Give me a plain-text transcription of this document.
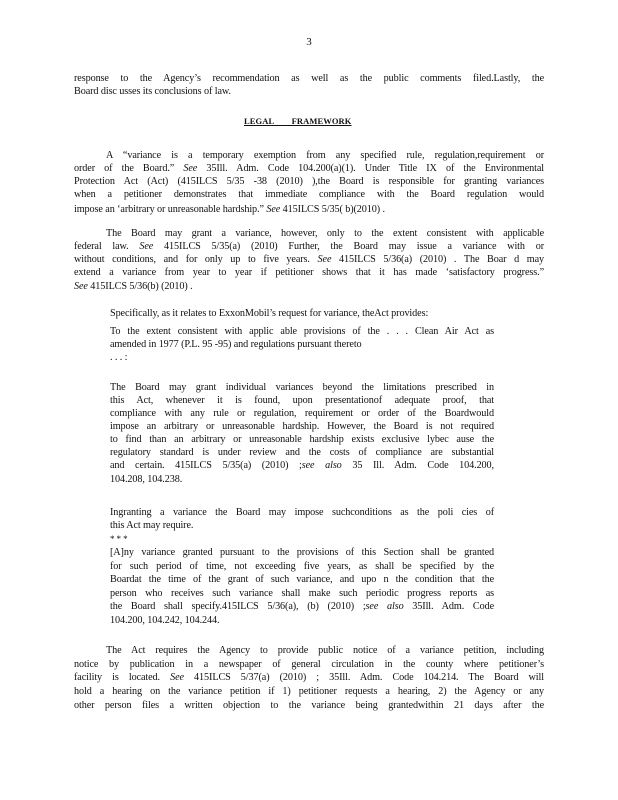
3
response to the Agency’s recommendation as well as the public comments filed.Lastly, the
Board disc usses its conclusions of law.
LEGAL        FRAMEWORK
A “variance is a temporary exemption from any specified rule, regulation,requirement or
order of the Board.” See 35Ill. Adm. Code 104.200(a)(1). Under Title IX of the Environmental
Protection Act (Act) (415ILCS 5/35 -38 (2010) ),the Board is responsible for granting variances
when a petitioner demonstrates that immediate compliance with the Board regulation would
impose an ‘arbitrary or unreasonable hardship.” See 415ILCS 5/35( b)(2010) .
The Board may grant a variance, however, only to the extent consistent with applicable
federal law. See 415ILCS 5/35(a) (2010) Further, the Board may issue a variance with or
without conditions, and for only up to five years. See 415ILCS 5/36(a) (2010) . The Boar d may
extend a variance from year to year if petitioner shows that it has made ‘satisfactory progress.”
See 415ILCS 5/36(b) (2010) .
Specifically, as it relates to ExxonMobil’s request for variance, theAct provides:
To the extent consistent with applic able provisions of the . . . Clean Air Act as
amended in 1977 (P.L. 95 -95) and regulations pursuant thereto
. . . :
The Board may grant individual variances beyond the limitations prescribed in
this Act, whenever it is found, upon presentationof adequate proof, that
compliance with any rule or regulation, requirement or order of the Boardwould
impose an arbitrary or unreasonable hardship. However, the Board is not required
to find than an arbitrary or unreasonable hardship exists exclusive lybec ause the
regulatory standard is under review and the costs of compliance are substantial
and certain. 415ILCS 5/35(a) (2010) ;see also 35 Ill. Adm. Code 104.200,
104.208, 104.238.
Ingranting a variance the Board may impose suchconditions as the poli cies of
this Act may require.
* * *
[A]ny variance granted pursuant to the provisions of this Section shall be granted
for such period of time, not exceeding five years, as shall be specified by the
Boardat the time of the grant of such variance, and upo n the condition that the
person who receives such variance shall make such periodic progress reports as
the Board shall specify.415ILCS 5/36(a), (b) (2010) ;see also 35Ill. Adm. Code
104.200, 104.242, 104.244.
The Act requires the Agency to provide public notice of a variance petition, including
notice by publication in a newspaper of general circulation in the county where petitioner’s
facility is located. See 415ILCS 5/37(a) (2010) ; 35Ill. Adm. Code 104.214. The Board will
hold a hearing on the variance petition if 1) petitioner requests a hearing, 2) the Agency or any
other person files a written objection to the variance being grantedwithin 21 days after the
